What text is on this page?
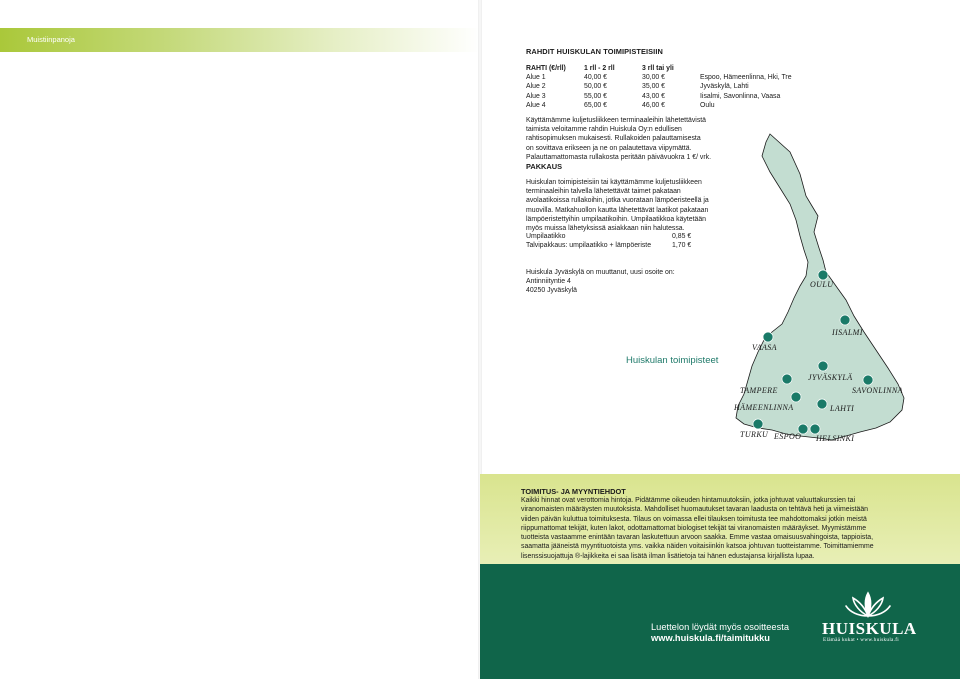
Muistiinpanoja
RAHDIT HUISKULAN TOIMIPISTEISIIN
RAHTI (€/rll)	1 rll - 2 rll	3 rll tai yli
Alue 1	40,00 €	30,00 €	Espoo, Hämeenlinna, Hki, Tre
Alue 2	50,00 €	35,00 €	Jyväskylä, Lahti
Alue 3	55,00 €	43,00 €	Iisalmi, Savonlinna, Vaasa
Alue 4	65,00 €	46,00 €	Oulu
Käyttämämme kuljetusliikkeen terminaaleihin lähetettävistä
taimista veloitamme rahdin Huiskula Oy:n edullisen
rahtisopimuksen mukaisesti. Rullakoiden palauttamisesta
on sovittava erikseen ja ne on palautettava viipymättä.
Palauttamattomasta rullakosta peritään päivävuokra 1 €/ vrk.
PAKKAUS
Huiskulan toimipisteisiin tai käyttämämme kuljetusliikkeen
terminaaleihin talvella lähetettävät taimet pakataan
avolaatikoissa rullakoihin, jotka vuorataan lämpöeristeellä ja
muovilla. Matkahuollon kautta lähetettävät laatikot pakataan
lämpöeristettyihin umpilaatikoihin. Umpilaatikkoa käytetään
myös muissa lähetyksissä asiakkaan niin halutessa.
Umpilaatikko	0,85 €
Talvipakkaus: umpilaatikko + lämpöeriste	1,70 €
Huiskula Jyväskylä on muuttanut, uusi osoite on:
Antinniityntie 4
40250 Jyväskylä
OULU
IISALMI
VAASA
JYVÄSKYLÄ
TAMPERE	SAVONLINNA
HÄMEENLINNA	LAHTI
TURKU ESPOO HELSINKI
Huiskulan toimipisteet
TOIMITUS- JA MYYNTIEHDOT
Kaikki hinnat ovat verottomia hintoja. Pidätämme oikeuden hintamuutoksiin, jotka johtuvat valuuttakurssien tai
viranomaisten määräysten muutoksista. Mahdolliset huomautukset tavaran laadusta on tehtävä heti ja viimeistään
viiden päivän kuluttua toimituksesta. Tilaus on voimassa ellei tilauksen toimitusta tee mahdottomaksi jotkin meistä
riippumattomat tekijät, kuten lakot, odottamattomat biologiset tekijät tai viranomaisten määräykset. Myymistämme
tuotteista vastaamme enintään tavaran laskutettuun arvoon saakka. Emme vastaa omaisuusvahingoista, tappioista,
saamatta jääneistä myyntituotoista yms. vaikka näiden voitaisiinkin katsoa johtuvan tuotteistamme. Toimittamiemme
lisenssisuojattuja ®-lajikkeita ei saa lisätä ilman lisätietoja tai hänen edustajansa kirjallista lupaa.
Luettelon löydät myös osoitteesta
www.huiskula.fi/taimitukku	HUISKULA
Elämää kukat • www.huiskula.fi
